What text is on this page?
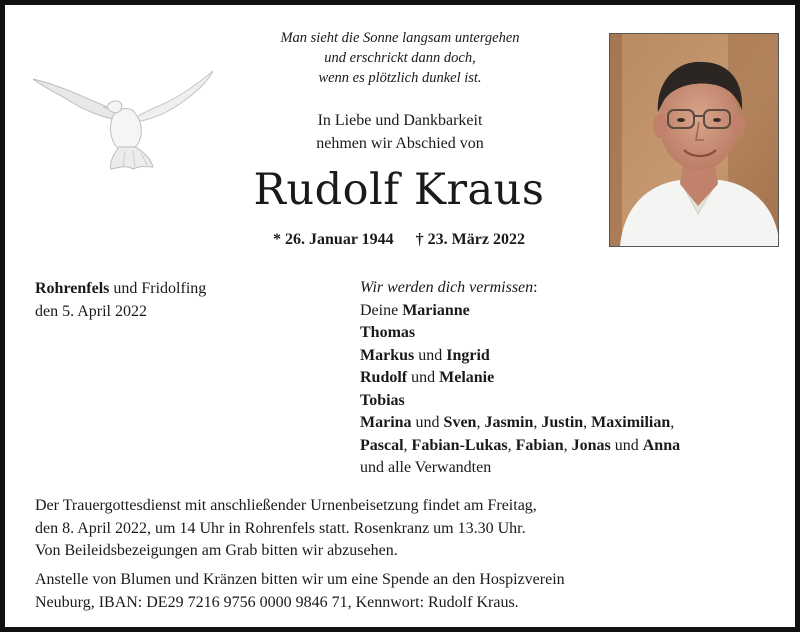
Man sieht die Sonne langsam untergehen
und erschrickt dann doch,
wenn es plötzlich dunkel ist.
In Liebe und Dankbarkeit
nehmen wir Abschied von
Rudolf Kraus
* 26. Januar 1944 † 23. März 2022
Rohrenfels und Fridolfing
den 5. April 2022
Wir werden dich vermissen:
Deine Marianne
Thomas
Markus und Ingrid
Rudolf und Melanie
Tobias
Marina und Sven, Jasmin, Justin, Maximilian,
Pascal, Fabian-Lukas, Fabian, Jonas und Anna
und alle Verwandten
Der Trauergottesdienst mit anschließender Urnenbeisetzung findet am Freitag,
den 8. April 2022, um 14 Uhr in Rohrenfels statt. Rosenkranz um 13.30 Uhr.
Von Beileidsbezeigungen am Grab bitten wir abzusehen.
Anstelle von Blumen und Kränzen bitten wir um eine Spende an den Hospizverein
Neuburg, IBAN: DE29 7216 9756 0000 9846 71, Kennwort: Rudolf Kraus.
